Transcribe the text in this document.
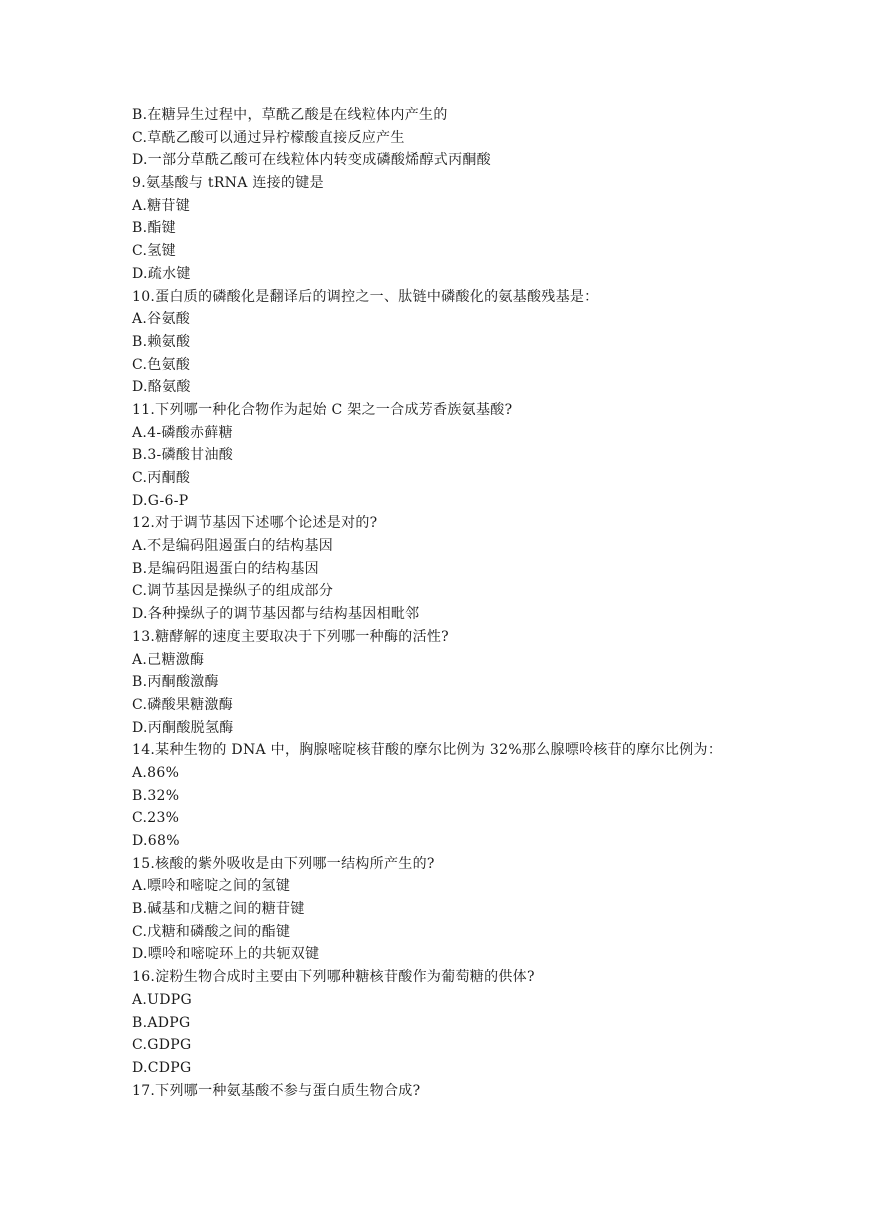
B.在糖异生过程中，草酰乙酸是在线粒体内产生的
C.草酰乙酸可以通过异柠檬酸直接反应产生
D.一部分草酰乙酸可在线粒体内转变成磷酸烯醇式丙酮酸
9.氨基酸与 tRNA 连接的键是
A.糖苷键
B.酯键
C.氢键
D.疏水键
10.蛋白质的磷酸化是翻译后的调控之一、肽链中磷酸化的氨基酸残基是：
A.谷氨酸
B.赖氨酸
C.色氨酸
D.酪氨酸
11.下列哪一种化合物作为起始 C 架之一合成芳香族氨基酸?
A.4-磷酸赤藓糖
B.3-磷酸甘油酸
C.丙酮酸
D.G-6-P
12.对于调节基因下述哪个论述是对的?
A.不是编码阻遏蛋白的结构基因
B.是编码阻遏蛋白的结构基因
C.调节基因是操纵子的组成部分
D.各种操纵子的调节基因都与结构基因相毗邻
13.糖酵解的速度主要取决于下列哪一种酶的活性?
A.己糖激酶
B.丙酮酸激酶
C.磷酸果糖激酶
D.丙酮酸脱氢酶
14.某种生物的 DNA 中，胸腺嘧啶核苷酸的摩尔比例为 32%那么腺嘌呤核苷的摩尔比例为：
A.86%
B.32%
C.23%
D.68%
15.核酸的紫外吸收是由下列哪一结构所产生的?
A.嘌呤和嘧啶之间的氢键
B.碱基和戊糖之间的糖苷键
C.戊糖和磷酸之间的酯键
D.嘌呤和嘧啶环上的共轭双键
16.淀粉生物合成时主要由下列哪种糖核苷酸作为葡萄糖的供体?
A.UDPG
B.ADPG
C.GDPG
D.CDPG
17.下列哪一种氨基酸不参与蛋白质生物合成?
